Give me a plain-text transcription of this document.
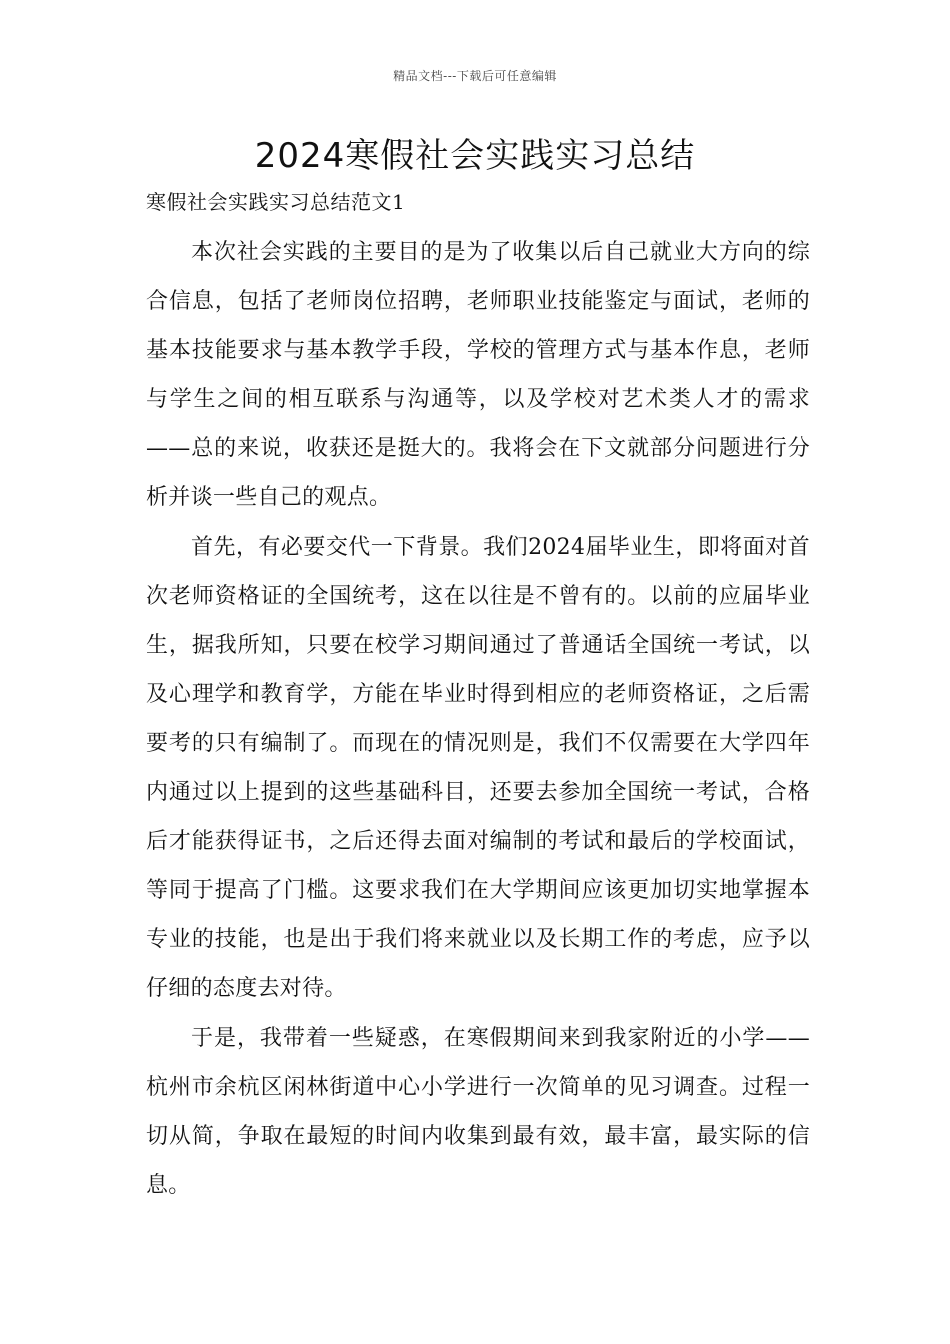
精品文档---下载后可任意编辑
2024寒假社会实践实习总结
寒假社会实践实习总结范文1

本次社会实践的主要目的是为了收集以后自己就业大方向的综合信息，包括了老师岗位招聘，老师职业技能鉴定与面试，老师的基本技能要求与基本教学手段，学校的管理方式与基本作息，老师与学生之间的相互联系与沟通等，以及学校对艺术类人才的需求——总的来说，收获还是挺大的。我将会在下文就部分问题进行分析并谈一些自己的观点。

首先，有必要交代一下背景。我们2024届毕业生，即将面对首次老师资格证的全国统考，这在以往是不曾有的。以前的应届毕业生，据我所知，只要在校学习期间通过了普通话全国统一考试，以及心理学和教育学，方能在毕业时得到相应的老师资格证，之后需要考的只有编制了。而现在的情况则是，我们不仅需要在大学四年内通过以上提到的这些基础科目，还要去参加全国统一考试，合格后才能获得证书，之后还得去面对编制的考试和最后的学校面试，等同于提高了门槛。这要求我们在大学期间应该更加切实地掌握本专业的技能，也是出于我们将来就业以及长期工作的考虑，应予以仔细的态度去对待。

于是，我带着一些疑惑，在寒假期间来到我家附近的小学——杭州市余杭区闲林街道中心小学进行一次简单的见习调查。过程一切从简，争取在最短的时间内收集到最有效，最丰富，最实际的信息。
